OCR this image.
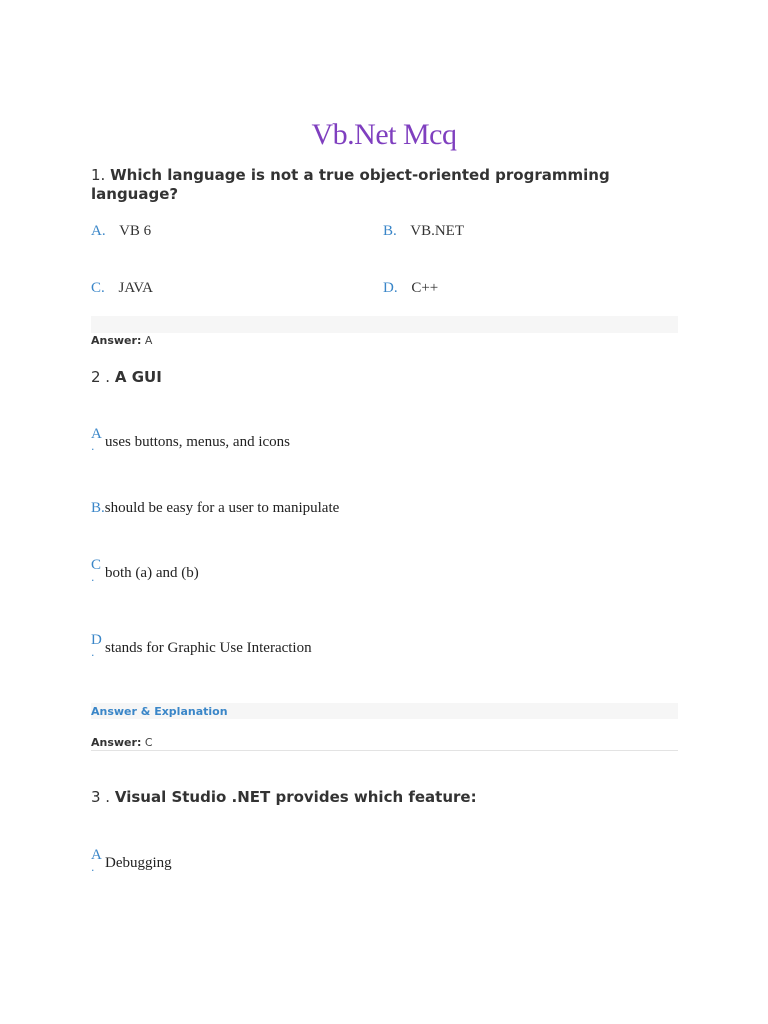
Vb.Net Mcq
1. Which language is not a true object-oriented programming language?
A. VB 6	B. VB.NET
C. JAVA	D. C++
Answer: A
2 . A GUI
A
. uses buttons, menus, and icons
B.should be easy for a user to manipulate
C
. both (a) and (b)
D
. stands for Graphic Use Interaction
Answer & Explanation
Answer: C
3 . Visual Studio .NET provides which feature:
A
. Debugging
